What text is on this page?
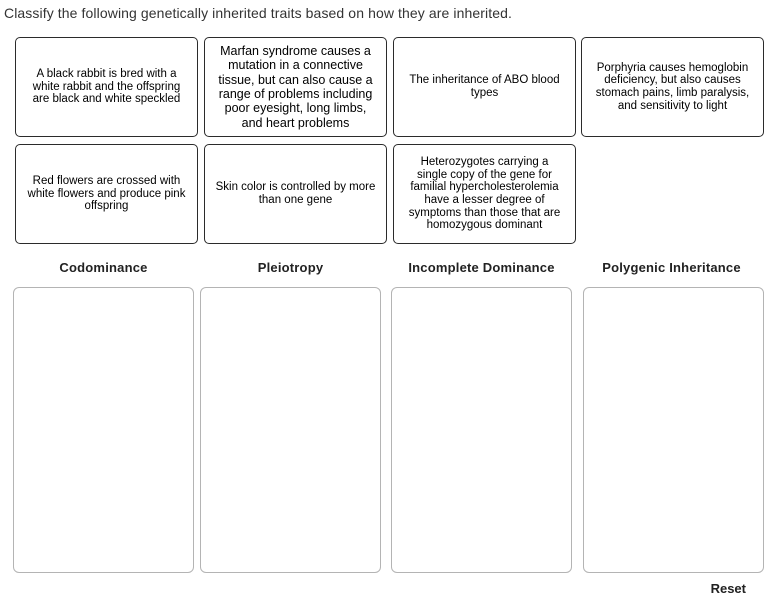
Classify the following genetically inherited traits based on how they are inherited.
A black rabbit is bred with a white rabbit and the offspring are black and white speckled
Marfan syndrome causes a mutation in a connective tissue, but can also cause a range of problems including poor eyesight, long limbs, and heart problems
The inheritance of ABO blood types
Porphyria causes hemoglobin deficiency, but also causes stomach pains, limb paralysis, and sensitivity to light
Red flowers are crossed with white flowers and produce pink offspring
Skin color is controlled by more than one gene
Heterozygotes carrying a single copy of the gene for familial hypercholesterolemia have a lesser degree of symptoms than those that are homozygous dominant
Codominance	Pleiotropy	Incomplete Dominance	Polygenic Inheritance
Reset
